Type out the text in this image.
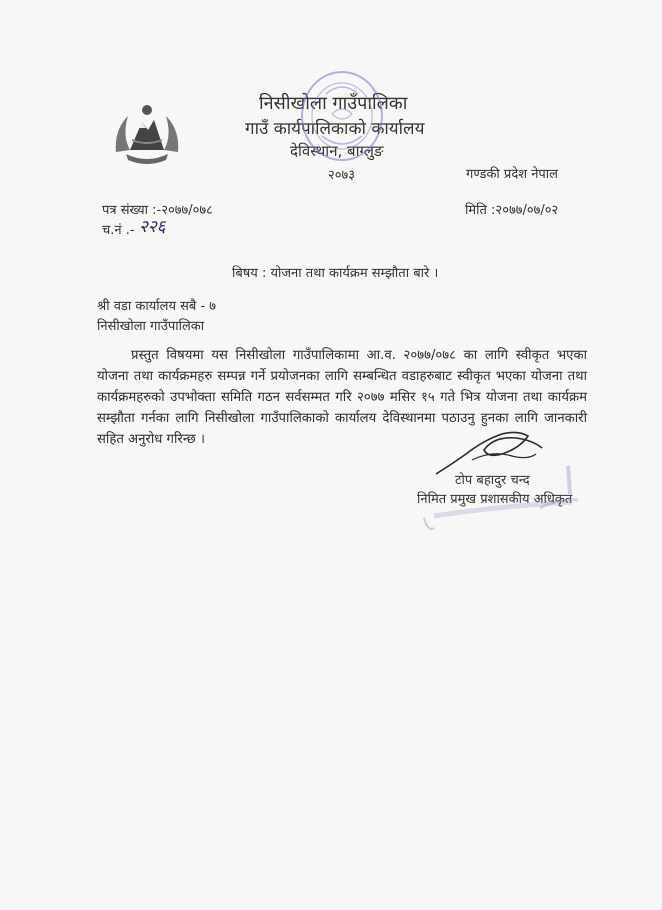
निसीखोला गाउँपालिका
गाउँ कार्यपालिकाको कार्यालय
देविस्थान, बाग्लुङ
२०७३	गण्डकी प्रदेश नेपाल
पत्र संख्या :-२०७७/०७८
च.नं .- २२६
मिति :२०७७/०७/०२
बिषय : योजना तथा कार्यक्रम सम्झौता बारे ।
श्री वडा कार्यालय सबै - ७
निसीखोला गाउँपालिका
प्रस्तुत विषयमा यस निसीखोला गाउँपालिकामा आ.व. २०७७/०७८ का लागि स्वीकृत भएका योजना तथा कार्यक्रमहरु सम्पन्न गर्ने प्रयोजनका लागि सम्बन्धित वडाहरुबाट स्वीकृत भएका योजना तथा कार्यक्रमहरुको उपभोक्ता समिति गठन सर्वसम्मत गरि २०७७ मसिर १५ गते भित्र योजना तथा कार्यक्रम सम्झौता गर्नका लागि निसीखोला गाउँपालिकाको कार्यालय देविस्थानमा पठाउनु हुनका लागि जानकारी सहित अनुरोध गरिन्छ ।
टोप बहादुर चन्द
निमित प्रमुख प्रशासकीय अधिकृत
